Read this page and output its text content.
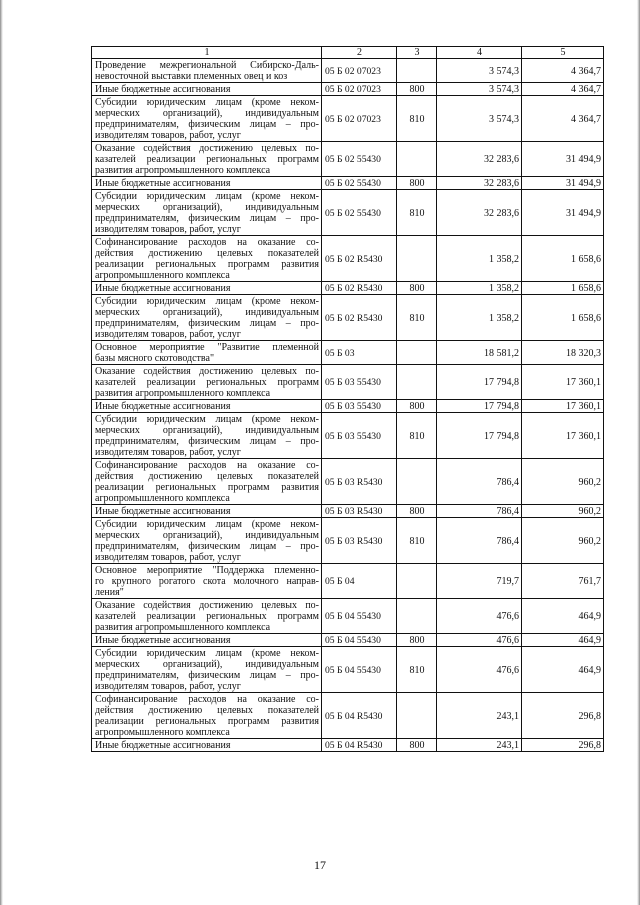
1	2	3	4	5

Проведение межрегиональной Сибирско-Даль-
невосточной выставки племенных овец и коз	05 Б 02 07023		3 574,3	4 364,7

Иные бюджетные ассигнования	05 Б 02 07023	800	3 574,3	4 364,7

Субсидии юридическим лицам (кроме неком-
мерческих организаций), индивидуальным
предпринимателям, физическим лицам – про-
изводителям товаров, работ, услуг	05 Б 02 07023	810	3 574,3	4 364,7

Оказание содействия достижению целевых по-
казателей реализации региональных программ
развития агропромышленного комплекса	05 Б 02 55430		32 283,6	31 494,9

Иные бюджетные ассигнования	05 Б 02 55430	800	32 283,6	31 494,9

Субсидии юридическим лицам (кроме неком-
мерческих организаций), индивидуальным
предпринимателям, физическим лицам – про-
изводителям товаров, работ, услуг	05 Б 02 55430	810	32 283,6	31 494,9

Софинансирование расходов на оказание со-
действия достижению целевых показателей
реализации региональных программ развития
агропромышленного комплекса	05 Б 02 R5430		1 358,2	1 658,6

Иные бюджетные ассигнования	05 Б 02 R5430	800	1 358,2	1 658,6

Субсидии юридическим лицам (кроме неком-
мерческих организаций), индивидуальным
предпринимателям, физическим лицам – про-
изводителям товаров, работ, услуг	05 Б 02 R5430	810	1 358,2	1 658,6

Основное мероприятие "Развитие племенной
базы мясного скотоводства"	05 Б 03		18 581,2	18 320,3

Оказание содействия достижению целевых по-
казателей реализации региональных программ
развития агропромышленного комплекса	05 Б 03 55430		17 794,8	17 360,1

Иные бюджетные ассигнования	05 Б 03 55430	800	17 794,8	17 360,1

Субсидии юридическим лицам (кроме неком-
мерческих организаций), индивидуальным
предпринимателям, физическим лицам – про-
изводителям товаров, работ, услуг	05 Б 03 55430	810	17 794,8	17 360,1

Софинансирование расходов на оказание со-
действия достижению целевых показателей
реализации региональных программ развития
агропромышленного комплекса	05 Б 03 R5430		786,4	960,2

Иные бюджетные ассигнования	05 Б 03 R5430	800	786,4	960,2

Субсидии юридическим лицам (кроме неком-
мерческих организаций), индивидуальным
предпринимателям, физическим лицам – про-
изводителям товаров, работ, услуг	05 Б 03 R5430	810	786,4	960,2

Основное мероприятие "Поддержка племенно-
го крупного рогатого скота молочного направ-
ления"	05 Б 04		719,7	761,7

Оказание содействия достижению целевых по-
казателей реализации региональных программ
развития агропромышленного комплекса	05 Б 04 55430		476,6	464,9

Иные бюджетные ассигнования	05 Б 04 55430	800	476,6	464,9

Субсидии юридическим лицам (кроме неком-
мерческих организаций), индивидуальным
предпринимателям, физическим лицам – про-
изводителям товаров, работ, услуг	05 Б 04 55430	810	476,6	464,9

Софинансирование расходов на оказание со-
действия достижению целевых показателей
реализации региональных программ развития
агропромышленного комплекса	05 Б 04 R5430		243,1	296,8

Иные бюджетные ассигнования	05 Б 04 R5430	800	243,1	296,8
17
